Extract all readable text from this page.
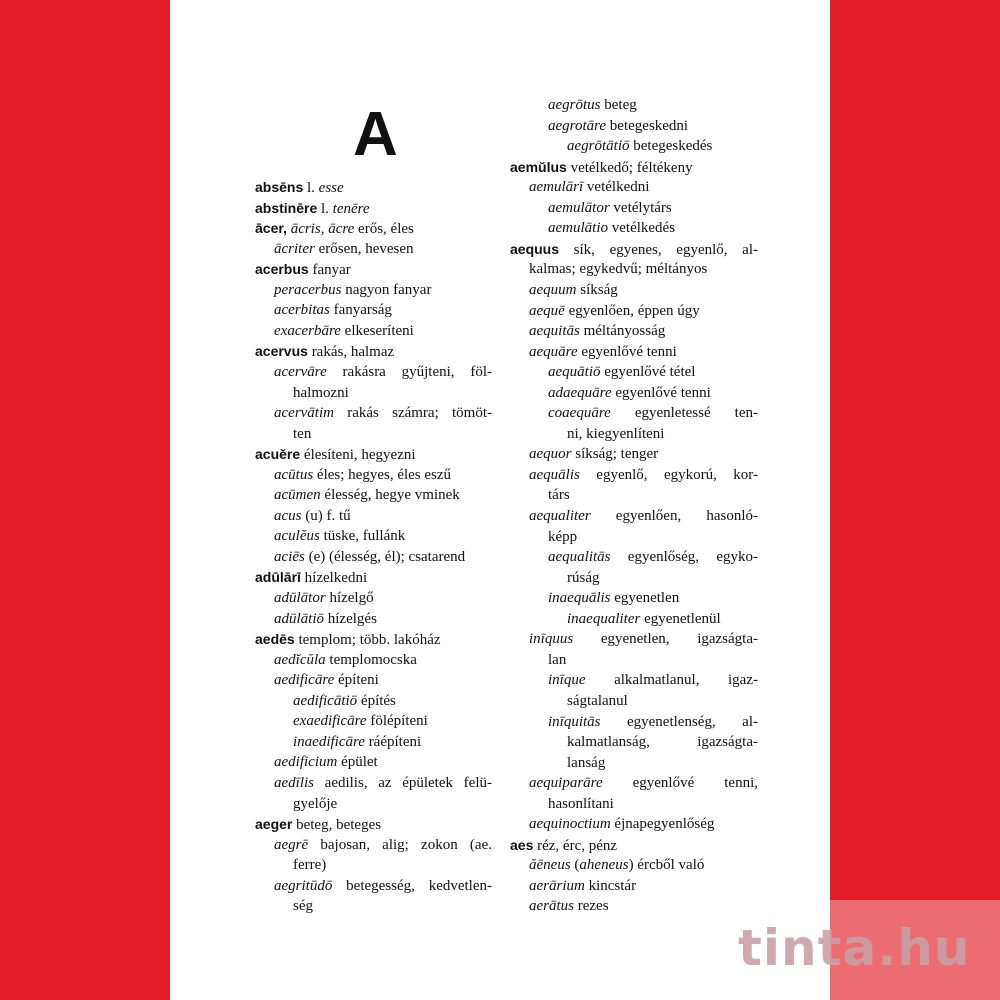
A
absēns l. esse
abstinēre l. tenēre
ācer, ācris, ācre erős, éles
ācriter erősen, hevesen
acerbus fanyar
peracerbus nagyon fanyar
acerbitas fanyarság
exacerbāre elkeseríteni
acervus rakás, halmaz
acervāre rakásra gyűjteni, föl-
halmozni
acervātim rakás számra; tömöt-
ten
acuĕre élesíteni, hegyezni
acūtus éles; hegyes, éles eszű
acūmen élesség, hegye vminek
acus (u) f. tű
aculĕus tüske, fullánk
aciēs (e) (élesség, él); csatarend
adūlārī hízelkedni
adūlātor hízelgő
adūlātiō hízelgés
aedēs templom; több. lakóház
aedĭcŭla templomocska
aedificāre építeni
aedificātiō építés
exaedificāre fölépíteni
inaedificāre ráépíteni
aedificium épület
aedīlis aedilis, az épületek felü-
gyelője
aeger beteg, beteges
aegrē bajosan, alig; zokon (ae.
ferre)
aegritūdō betegesség, kedvetlen-
ség
aegrōtus beteg
aegrotāre betegeskedni
aegrōtātiō betegeskedés
aemŭlus vetélkedő; féltékeny
aemulārī vetélkedni
aemulātor vetélytárs
aemulātio vetélkedés
aequus sík, egyenes, egyenlő, al-
kalmas; egykedvű; méltányos
aequum síkság
aequē egyenlően, éppen úgy
aequitās méltányosság
aequāre egyenlővé tenni
aequātiō egyenlővé tétel
adaequāre egyenlővé tenni
coaequāre egyenletessé ten-
ni, kiegyenlíteni
aequor síkság; tenger
aequālis egyenlő, egykorú, kor-
társ
aequaliter egyenlően, hasonló-
képp
aequalitās egyenlőség, egyko-
rúság
inaequālis egyenetlen
inaequaliter egyenetlenül
inīquus egyenetlen, igazságta-
lan
inīque alkalmatlanul, igaz-
ságtalanul
inīquitās egyenetlenség, al-
kalmatlanság, igazságta-
lanság
aequiparāre egyenlővé tenni,
hasonlítani
aequinoctium éjnapegyenlőség
aes réz, érc, pénz
ăēneus (aheneus) ércből való
aerārium kincstár
aerātus rezes
tinta.hu
